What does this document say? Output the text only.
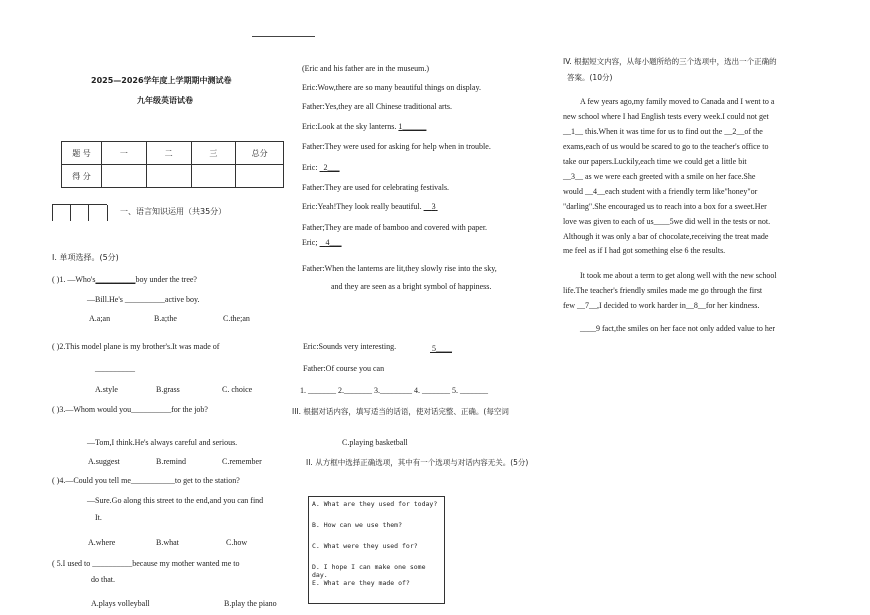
2025—2026学年度上学期期中测试卷
九年级英语试卷
题 号	一	二	三	总分
得 分				
一、语言知识运用（共35分）
I. 单项选择。(5分)
( )1. —Who's__________boy under the tree?
—Bill.He's __________active boy.
A.a;an	B.a;the	C.the;an
( )2.This model plane is my brother's.It was made of
__________
A.style	B.grass	C. choice
( )3.—Whom would you__________for the job?
—Tom,I think.He's always careful and serious.	C.playing basketball
A.suggest	B.remind	C.remember
( )4.—Could you tell me___________to get to the station?
—Sure.Go along this street to the end,and you can find
It.
A.where	B.what	C.how
( 5.I used to __________because my mother wanted me to
do that.
A.plays volleyball	B.play the piano
(Eric and his father are in the museum.)
Eric:Wow,there are so many beautiful things on display.
Father:Yes,they are all Chinese traditional arts.
Eric:Look at the sky lanterns. 1______
Father:They were used for asking for help when in trouble.
Eric: 2___
Father:They are used for celebrating festivals.
Eric:Yeah!They look really beautiful. 3
Father;They are made of bamboo and covered with paper.
Eric; 4___
Father:When the lanterns are lit,they slowly rise into the sky,
and they are seen as a bright symbol of happiness.
Eric:Sounds very interesting.	5____
Father:Of course you can
1. _______ 2._______ 3.________ 4. _______ 5. _______
III. 根据对话内容，填写适当的话语，使对话完整、正确。(每空词
II. 从方框中选择正确选项，其中有一个选项与对话内容无关。(5分)
A. What are they used for today?
B. How can we use them?
C. What were they used for?
D. I hope I can make one some day.
E. What are they made of?
IV. 根据短文内容，从每小题所给的三个选项中，选出一个正确的
答案。(10分)
A few years ago,my family moved to Canada and I went to a
new school where I had English tests every week.I could not get
__1__ this.When it was time for us to find out the __2__of the
exams,each of us would be scared to go to the teacher's office to
take our papers.Luckily,each time we could get a little bit
__3__ as we were each greeted with a smile on her face.She
would __4__each student with a friendly term like"honey"or
"darling".She encouraged us to reach into a box for a sweet.Her
love was given to each of us____5we did well in the tests or not.
Although it was only a bar of chocolate,receiving the treat made
me feel as if I had got something else 6 the results.
It took me about a term to get along well with the new school
life.The teacher's friendly smiles made me go through the first
few __7__,I decided to work harder in__8__for her kindness.
____9 fact,the smiles on her face not only added value to her
